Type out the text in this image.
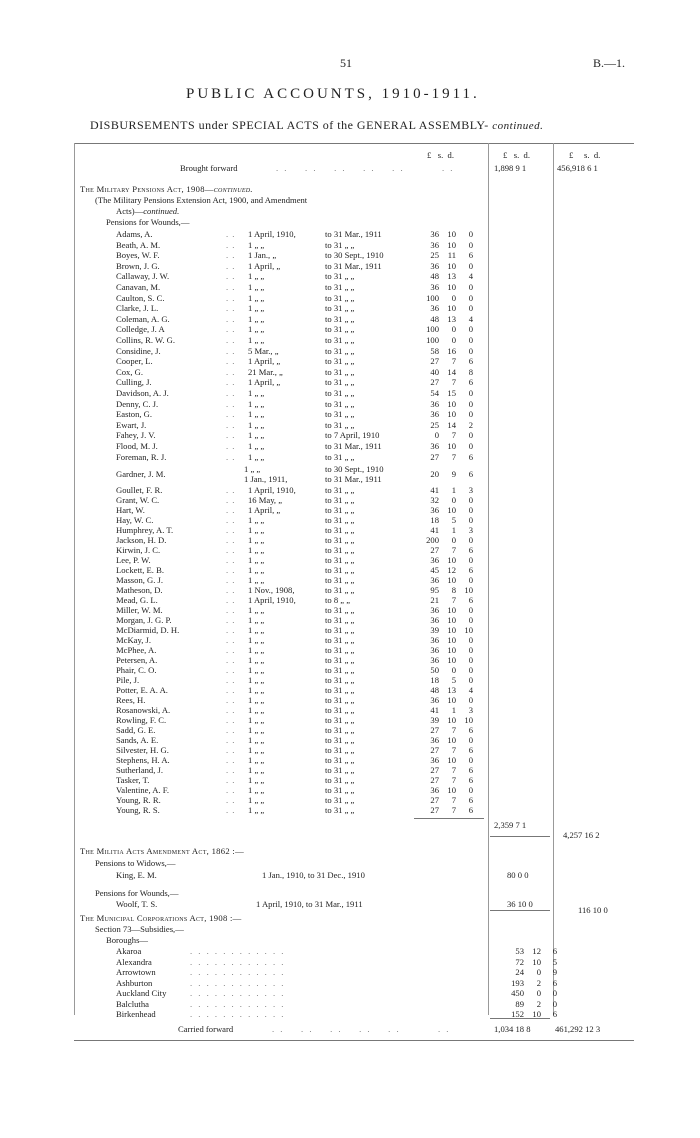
51	B.—1.
PUBLIC ACCOUNTS, 1910-1911.
DISBURSEMENTS under SPECIAL ACTS of the GENERAL ASSEMBLY- continued.
£ s. d.	£ s. d.	£ s. d.
Brought forward	. .    . .    . .    . .    . .         . .	1,898 9 1	456,918 6 1
The Military Pensions Act, 1908—continued.
(The Military Pensions Extension Act, 1900, and Amendment
Acts)—continued.
Pensions for Wounds,—
Adams, A.	1 April, 1910,	to 31 Mar., 1911	36 10	0
. .
Beath, A. M.	1 „ „	to 31 „ „	36 10	0
. .
Boyes, W. F.	1 Jan., „	to 30 Sept., 1910	25	11	6
. .
Brown, J. G.	1 April, „	to 31 Mar., 1911	36 10	0
. .
Callaway, J. W.	1 „ „	to 31 „ „	48 13	4
. .
Canavan, M.	1 „ „	to 31 „ „	36 10	0
. .
Caulton, S. C.	1 „ „	to 31 „ „	100	0	0
. .
Clarke, J. L.	1 „ „	to 31 „ „	36 10	0
. .
Coleman, A. G.	1 „ „	to 31 „ „	48 13	4
. .
Colledge, J. A	1 „ „	to 31 „ „	100	0	0
. .
Collins, R. W. G.	1 „ „	to 31 „ „	100	0	0
. .
Considine, J.	5 Mar., „	to 31 „ „	58 16	0
. .
Cooper, L.	1 April, „	to 31 „ „	27	7	6
. .
Cox, G.	21 Mar., „	to 31 „ „	40 14	8
. .
Culling, J.	1 April, „	to 31 „ „	27	7	6
. .
Davidson, A. J.	1 „ „	to 31 „ „	54 15	0
. .
Denny, C. J.	1 „ „	to 31 „ „	36 10	0
. .
Easton, G.	1 „ „	to 31 „ „	36 10	0
. .
Ewart, J.	1 „ „	to 31 „ „	25 14	2
. .
Fahey, J. V.	1 „ „	to 7 April, 1910	0	7	0
. .
Flood, M. J.	1 „ „	to 31 Mar., 1911	36 10	0
. .
Foreman, R. J.	1 „ „	to 31 „ „	27	7	6
. .
Gardner, J. M.	1 „ „	to 30 Sept., 1910
1 Jan., 1911,	to 31 Mar., 1911	20	9	6
Goullet, F. R.	1 April, 1910,	to 31 „ „	41	1	3
. .
Grant, W. C.	16 May, „	to 31 „ „	32	0	0
. .
Hart, W.	1 April, „	to 31 „ „	36 10	0
. .
Hay, W. C.	1 „ „	to 31 „ „	18	5	0
. .
Humphrey, A. T.	1 „ „	to 31 „ „	41	1	3
. .
Jackson, H. D.	1 „ „	to 31 „ „	200	0	0
. .
Kirwin, J. C.	1 „ „	to 31 „ „	27	7	6
. .
Lee, P. W.	1 „ „	to 31 „ „	36 10	0
. .
Lockett, E. B.	1 „ „	to 31 „ „	45 12	6
. .
Masson, G. J.	1 „ „	to 31 „ „	36 10	0
. .
Matheson, D.	1 Nov., 1908,	to 31 „ „	95	8 10
. .
Mead, G. L.	1 April, 1910,	to 8 „ „	21	7	6
. .
Miller, W. M.	1 „ „	to 31 „ „	36 10	0
. .
Morgan, J. G. P.	1 „ „	to 31 „ „	36 10	0
. .
McDiarmid, D. H.	1 „ „	to 31 „ „	39 10 10
. .
McKay, J.	1 „ „	to 31 „ „	36 10	0
. .
McPhee, A.	1 „ „	to 31 „ „	36 10	0
. .
Petersen, A.	1 „ „	to 31 „ „	36 10	0
. .
Phair, C. O.	1 „ „	to 31 „ „	50	0	0
. .
Pile, J.	1 „ „	to 31 „ „	18	5	0
. .
Potter, E. A. A.	1 „ „	to 31 „ „	48 13	4
. .
Rees, H.	1 „ „	to 31 „ „	36 10	0
. .
Rosanowski, A.	1 „ „	to 31 „ „	41	1	3
. .
Rowling, F. C.	1 „ „	to 31 „ „	39 10 10
. .
Sadd, G. E.	1 „ „	to 31 „ „	27	7	6
. .
Sands, A. E.	1 „ „	to 31 „ „	36 10	0
. .
Silvester, H. G.	1 „ „	to 31 „ „	27	7	6
. .
Stephens, H. A.	1 „ „	to 31 „ „	36 10	0
. .
Sutherland, J.	1 „ „	to 31 „ „	27	7	6
. .
Tasker, T.	1 „ „	to 31 „ „	27	7	6
. .
Valentine, A. F.	1 „ „	to 31 „ „	36 10	0
. .
Young, R. R.	1 „ „	to 31 „ „	27	7	6
. .
Young, R. S.	1 „ „	to 31 „ „	27	7	6
. .
2,359 7 1
4,257 16 2
The Militia Acts Amendment Act, 1862 :—
Pensions to Widows,—
King, E. M.	1 Jan., 1910, to 31 Dec., 1910	80 0 0
Pensions for Wounds,—
Woolf, T. S.	1 April, 1910, to 31 Mar., 1911	36 10 0
116 10 0
The Municipal Corporations Act, 1908 :—
Section 73—Subsidies,—
Boroughs—
Akaroa	53 12	6
. . . . . . . . . . . .
Alexandra	72 10	5
. . . . . . . . . . . .
Arrowtown	24	0	9
. . . . . . . . . . . .
Ashburton	193	2	6
. . . . . . . . . . . .
Auckland City	450	0	0
. . . . . . . . . . . .
Balclutha	89	2	0
. . . . . . . . . . . .
Birkenhead	152 10	6
. . . . . . . . . . . .
Carried forward	. .    . .    . .    . .    . .         . .	1,034 18 8	461,292 12 3
